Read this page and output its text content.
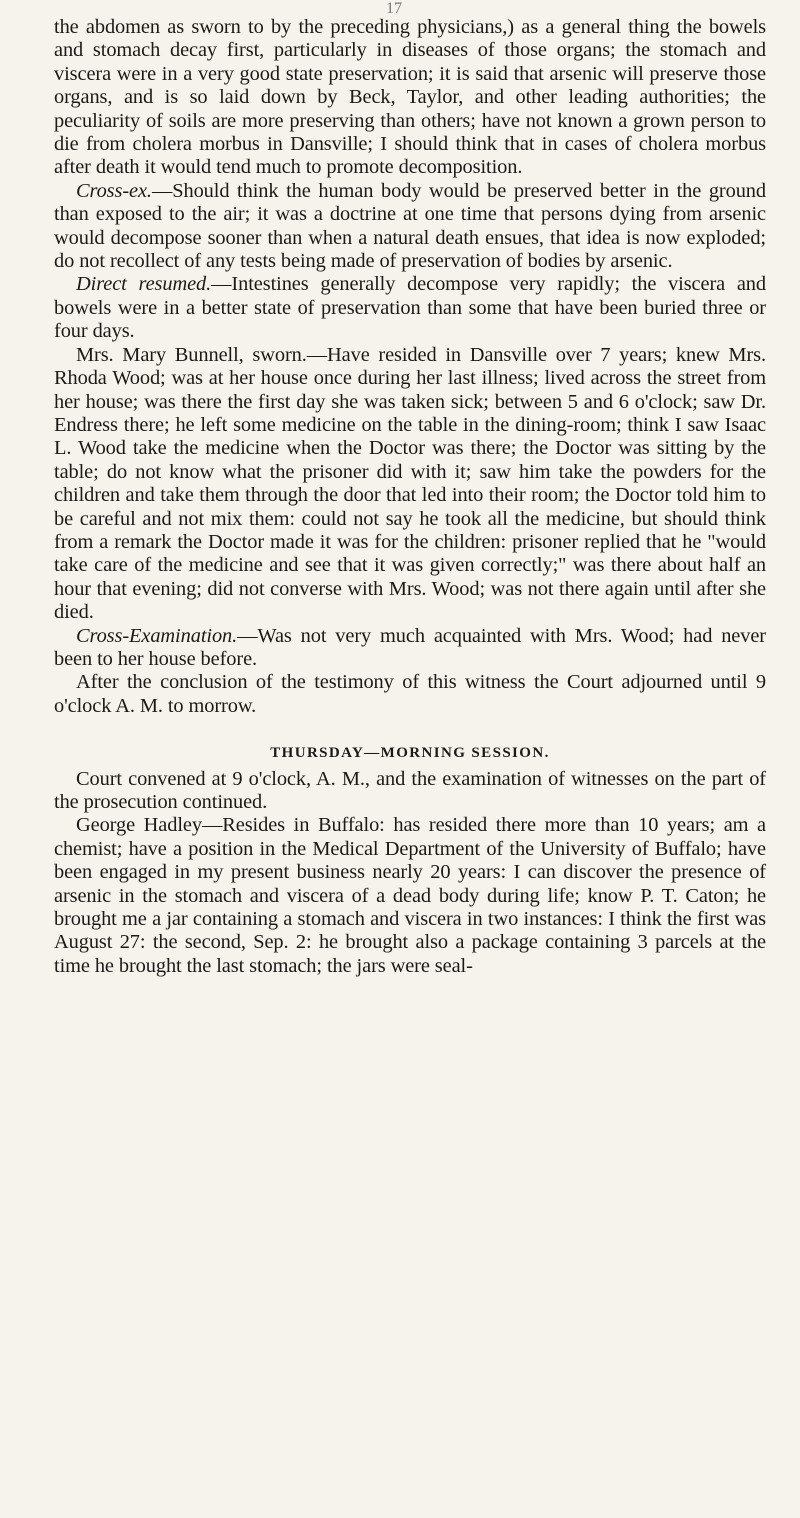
17

the abdomen as sworn to by the preceding physicians,) as a general thing the bowels and stomach decay first, particularly in diseases of those organs; the stomach and viscera were in a very good state preservation; it is said that arsenic will preserve those organs, and is so laid down by Beck, Taylor, and other leading authorities; the peculiarity of soils are more preserving than others; have not known a grown person to die from cholera morbus in Dansville; I should think that in cases of cholera morbus after death it would tend much to promote decomposition.

Cross-ex.—Should think the human body would be preserved better in the ground than exposed to the air; it was a doctrine at one time that persons dying from arsenic would decompose sooner than when a natural death ensues, that idea is now exploded; do not recollect of any tests being made of preservation of bodies by arsenic.

Direct resumed.—Intestines generally decompose very rapidly; the viscera and bowels were in a better state of preservation than some that have been buried three or four days.

Mrs. Mary Bunnell, sworn.—Have resided in Dansville over 7 years; knew Mrs. Rhoda Wood; was at her house once during her last illness; lived across the street from her house; was there the first day she was taken sick; between 5 and 6 o'clock; saw Dr. Endress there; he left some medicine on the table in the dining-room; think I saw Isaac L. Wood take the medicine when the Doctor was there; the Doctor was sitting by the table; do not know what the prisoner did with it; saw him take the powders for the children and take them through the door that led into their room; the Doctor told him to be careful and not mix them: could not say he took all the medicine, but should think from a remark the Doctor made it was for the children: prisoner replied that he "would take care of the medicine and see that it was given correctly;" was there about half an hour that evening; did not converse with Mrs. Wood; was not there again until after she died.

Cross-Examination.—Was not very much acquainted with Mrs. Wood; had never been to her house before.

After the conclusion of the testimony of this witness the Court adjourned until 9 o'clock A. M. to morrow.

THURSDAY—MORNING SESSION.

Court convened at 9 o'clock, A. M., and the examination of witnesses on the part of the prosecution continued.

George Hadley—Resides in Buffalo: has resided there more than 10 years; am a chemist; have a position in the Medical Department of the University of Buffalo; have been engaged in my present business nearly 20 years: I can discover the presence of arsenic in the stomach and viscera of a dead body during life; know P. T. Caton; he brought me a jar containing a stomach and viscera in two instances: I think the first was August 27: the second, Sep. 2: he brought also a package containing 3 parcels at the time he brought the last stomach; the jars were seal-
